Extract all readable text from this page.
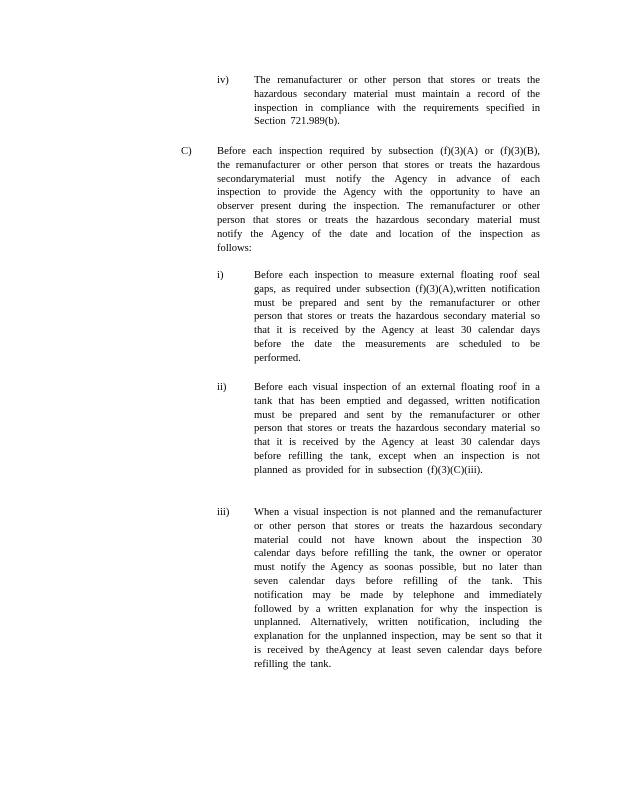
iv) The remanufacturer or other person that stores or treats the hazardous secondary material must maintain a record of the inspection in compliance with the requirements specified in Section 721.989(b).
C) Before each inspection required by subsection (f)(3)(A) or (f)(3)(B), the remanufacturer or other person that stores or treats the hazardous secondarymaterial must notify the Agency in advance of each inspection to provide the Agency with the opportunity to have an observer present during the inspection. The remanufacturer or other person that stores or treats the hazardous secondary material must notify the Agency of the date and location of the inspection as follows:
i)	Before each inspection to measure external floating roof seal gaps, as required under subsection (f)(3)(A),written notification must be prepared and sent by the remanufacturer or other person that stores or treats the hazardous secondary material so that it is received by the Agency at least 30 calendar days before the date the measurements are scheduled to be performed.
ii)	Before each visual inspection of an external floating roof in a tank that has been emptied and degassed, written notification must be prepared and sent by the remanufacturer or other person that stores or treats the hazardous secondary material so that it is received by the Agency at least 30 calendar days before refilling the tank, except when an inspection is not planned as provided for in subsection (f)(3)(C)(iii).
iii) When a visual inspection is not planned and the remanufacturer or other person that stores or treats the hazardous secondary material could not have known about the inspection 30 calendar days before refilling the tank, the owner or operator must notify the Agency as soonas possible, but no later than seven calendar days before refilling of the tank. This notification may be made by telephone and immediately followed by a written explanation for why the inspection is unplanned. Alternatively, written notification, including the explanation for the unplanned inspection, may be sent so that it is received by theAgency at least seven calendar days before refilling the tank.
